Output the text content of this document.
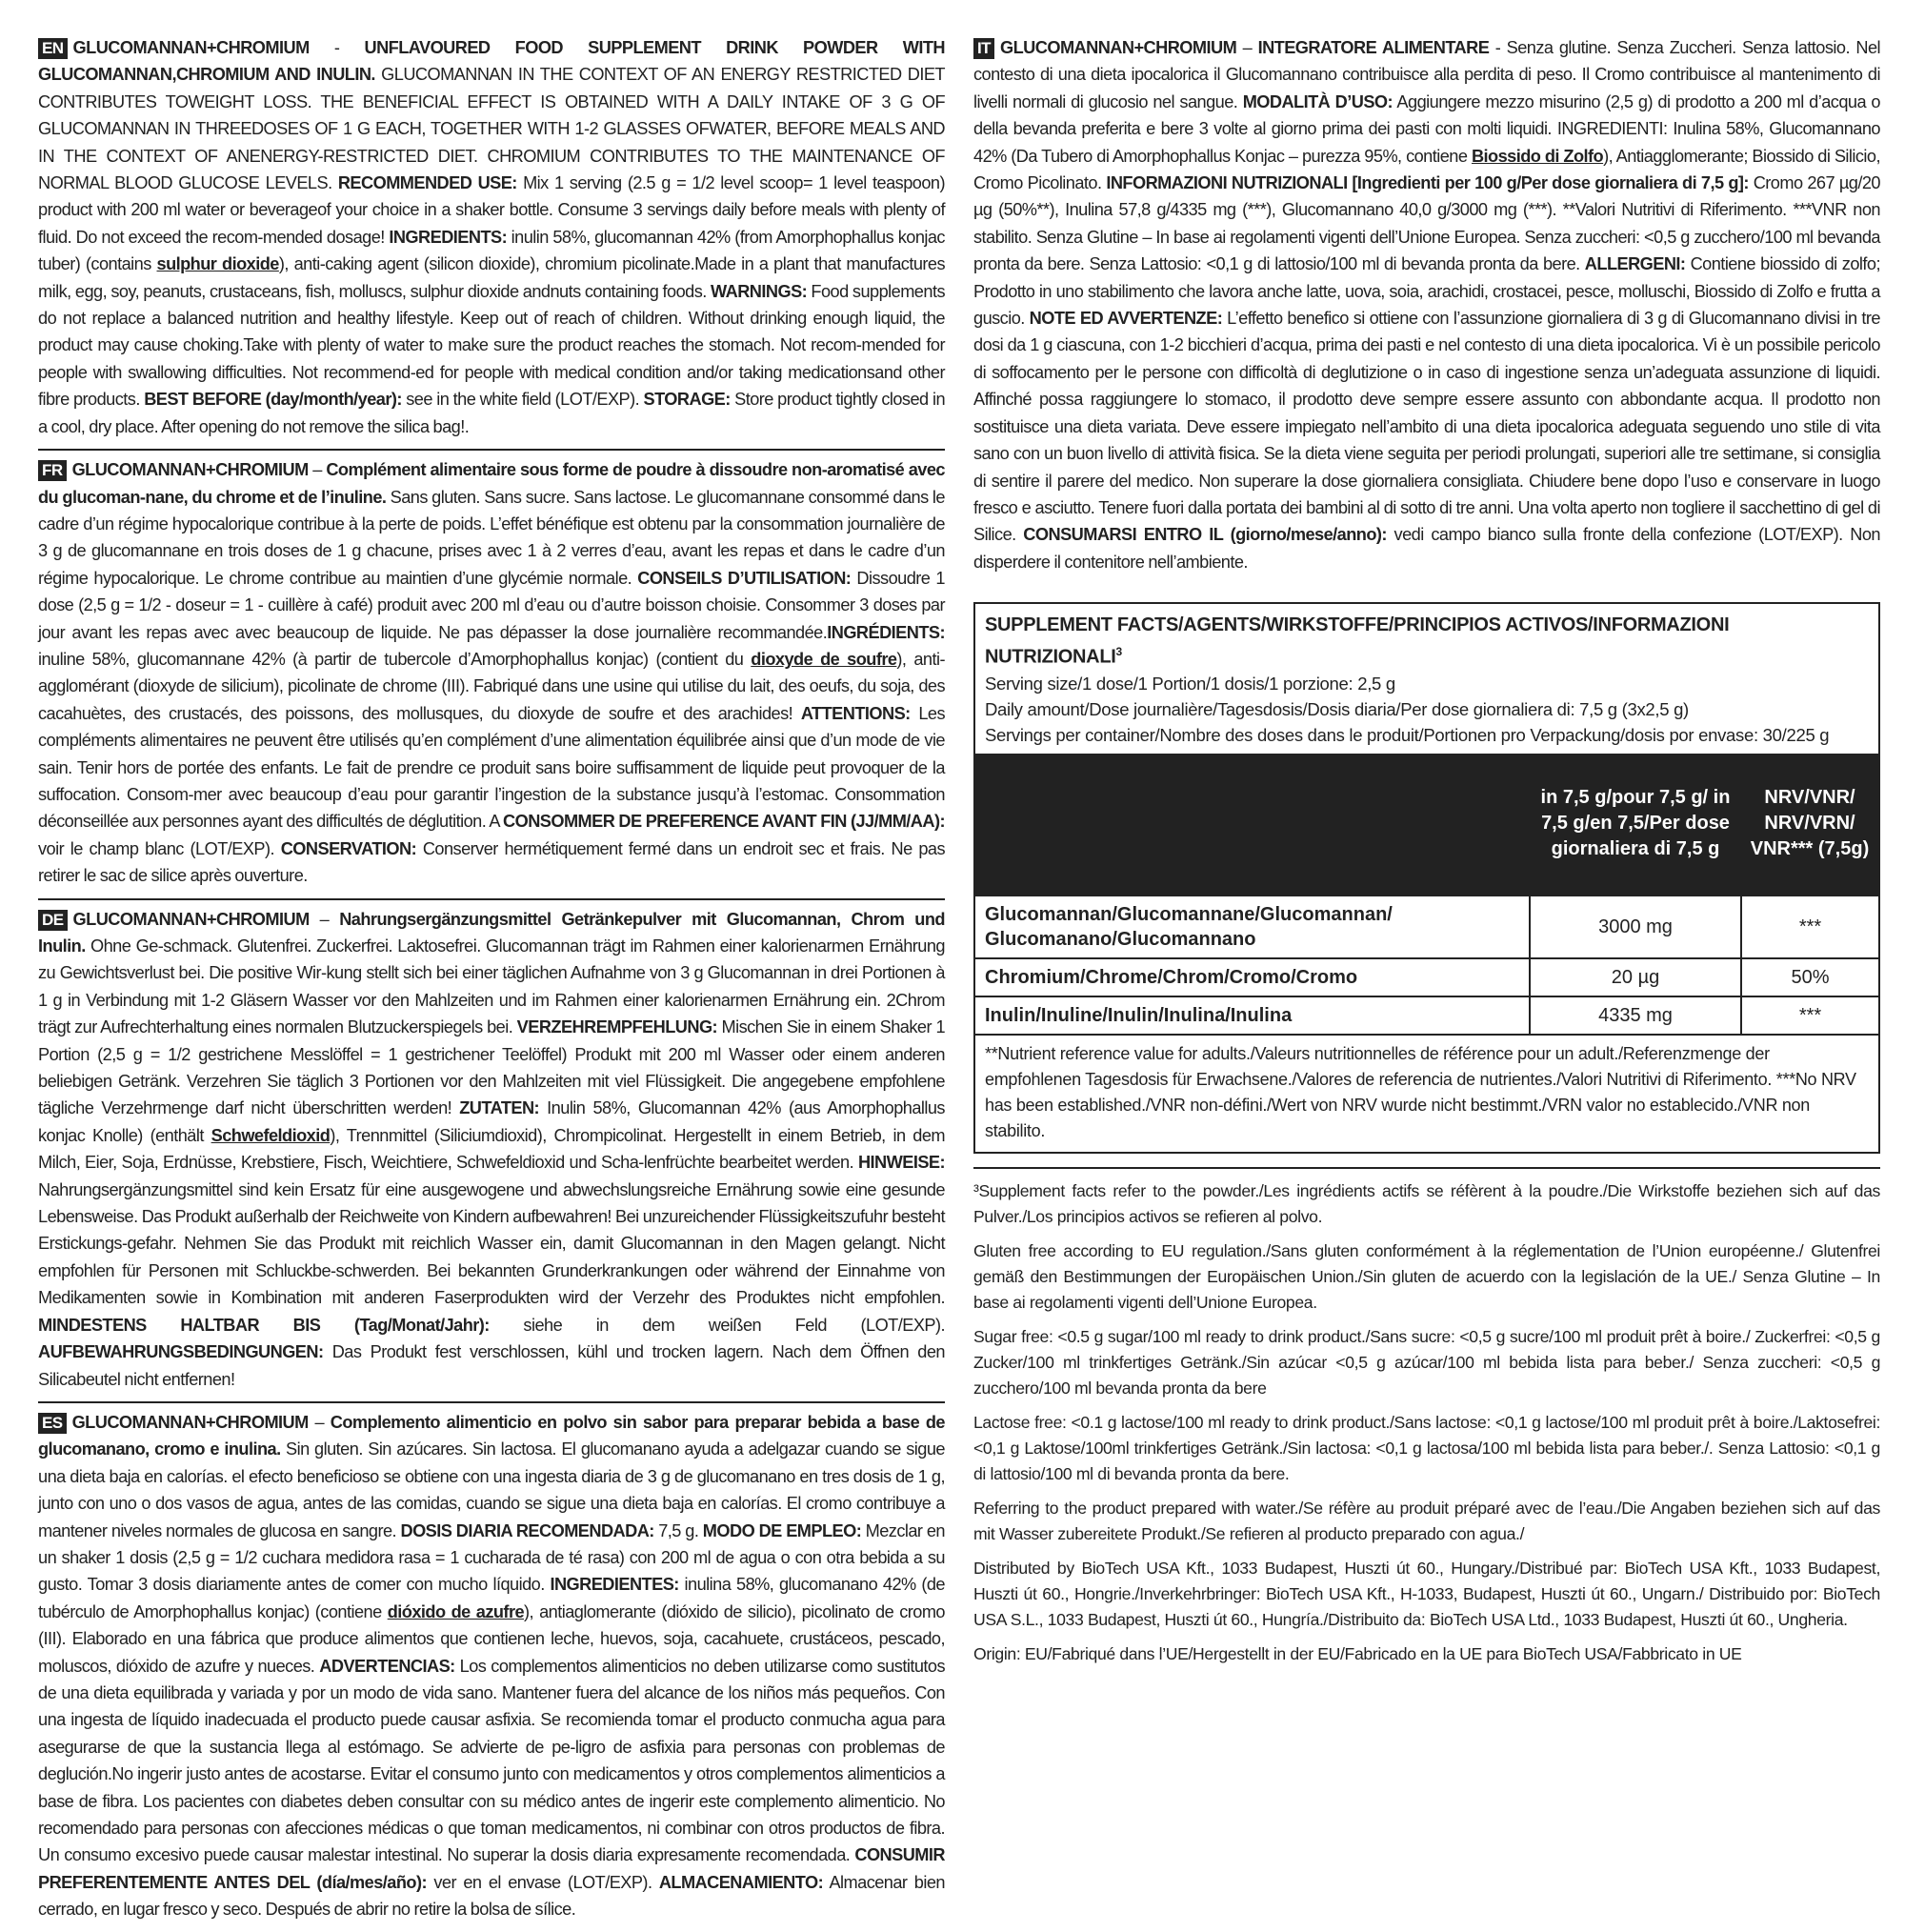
EN GLUCOMANNAN+CHROMIUM - UNFLAVOURED FOOD SUPPLEMENT DRINK POWDER WITH GLUCOMANNAN,CHROMIUM AND INULIN. GLUCOMANNAN IN THE CONTEXT OF AN ENERGY RESTRICTED DIET CONTRIBUTES TOWEIGHT LOSS. THE BENEFICIAL EFFECT IS OBTAINED WITH A DAILY INTAKE OF 3 G OF GLUCOMANNAN IN THREEDOSES OF 1 G EACH, TOGETHER WITH 1-2 GLASSES OFWATER, BEFORE MEALS AND IN THE CONTEXT OF ANENERGY-RESTRICTED DIET. CHROMIUM CONTRIBUTES TO THE MAINTENANCE OF NORMAL BLOOD GLUCOSE LEVELS. RECOMMENDED USE: Mix 1 serving (2.5 g = 1/2 level scoop= 1 level teaspoon) product with 200 ml water or beverageof your choice in a shaker bottle. Consume 3 servings daily before meals with plenty of fluid. Do not exceed the recom-mended dosage! INGREDIENTS: inulin 58%, glucomannan 42% (from Amorphophallus konjac tuber) (contains sulphur dioxide), anti-caking agent (silicon dioxide), chromium picolinate.Made in a plant that manufactures milk, egg, soy, peanuts, crustaceans, fish, molluscs, sulphur dioxide andnuts containing foods. WARNINGS: Food supplements do not replace a balanced nutrition and healthy lifestyle. Keep out of reach of children. Without drinking enough liquid, the product may cause choking.Take with plenty of water to make sure the product reaches the stomach. Not recom-mended for people with swallowing difficulties. Not recommend-ed for people with medical condition and/or taking medicationsand other fibre products. BEST BEFORE (day/month/year): see in the white field (LOT/EXP). STORAGE: Store product tightly closed in a cool, dry place. After opening do not remove the silica bag!.

FR GLUCOMANNAN+CHROMIUM – Complément alimentaire sous forme de poudre à dissoudre non-aromatisé avec du glucoman-nane, du chrome et de l’inuline. Sans gluten. Sans sucre. Sans lactose. Le glucomannane consommé dans le cadre d’un régime hypocalorique contribue à la perte de poids. L’effet bénéfique est obtenu par la consommation journalière de 3 g de glucomannane en trois doses de 1 g chacune, prises avec 1 à 2 verres d’eau, avant les repas et dans le cadre d’un régime hypocalorique. Le chrome contribue au maintien d’une glycémie normale. CONSEILS D’UTILISATION: Dissoudre 1 dose (2,5 g = 1/2 - doseur = 1 - cuillère à café) produit avec 200 ml d’eau ou d’autre boisson choisie. Consommer 3 doses par jour avant les repas avec avec beaucoup de liquide. Ne pas dépasser la dose journalière recommandée.INGRÉDIENTS: inuline 58%, glucomannane 42% (à partir de tubercole d’Amorphophallus konjac) (contient du dioxyde de soufre), anti-agglomérant (dioxyde de silicium), picolinate de chrome (III). Fabriqué dans une usine qui utilise du lait, des oeufs, du soja, des cacahuètes, des crustacés, des poissons, des mollusques, du dioxyde de soufre et des arachides! ATTENTIONS: Les compléments alimentaires ne peuvent être utilisés qu’en complément d’une alimentation équilibrée ainsi que d’un mode de vie sain. Tenir hors de portée des enfants. Le fait de prendre ce produit sans boire suffisamment de liquide peut provoquer de la suffocation. Consom-mer avec beaucoup d’eau pour garantir l’ingestion de la substance jusqu’à l’estomac. Consommation déconseillée aux personnes ayant des difficultés de déglutition. A CONSOMMER DE PREFERENCE AVANT FIN (JJ/MM/AA): voir le champ blanc (LOT/EXP). CONSERVATION: Conserver hermétiquement fermé dans un endroit sec et frais. Ne pas retirer le sac de silice après ouverture.

DE GLUCOMANNAN+CHROMIUM – Nahrungsergänzungsmittel Getränkepulver mit Glucomannan, Chrom und Inulin. Ohne Ge-schmack. Glutenfrei. Zuckerfrei. Laktosefrei. Glucomannan trägt im Rahmen einer kalorienarmen Ernährung zu Gewichtsverlust bei. Die positive Wir-kung stellt sich bei einer täglichen Aufnahme von 3 g Glucomannan in drei Portionen à 1 g in Verbindung mit 1-2 Gläsern Wasser vor den Mahlzeiten und im Rahmen einer kalorienarmen Ernährung ein. 2Chrom trägt zur Aufrechterhaltung eines normalen Blutzuckerspiegels bei. VERZEHREMPFEHLUNG: Mischen Sie in einem Shaker 1 Portion (2,5 g = 1/2 gestrichene Messlöffel = 1 gestrichener Teelöffel) Produkt mit 200 ml Wasser oder einem anderen beliebigen Getränk. Verzehren Sie täglich 3 Portionen vor den Mahlzeiten mit viel Flüssigkeit. Die angegebene empfohlene tägliche Verzehrmenge darf nicht überschritten werden! ZUTATEN: Inulin 58%, Glucomannan 42% (aus Amorphophallus konjac Knolle) (enthält Schwefeldioxid), Trennmittel (Siliciumdioxid), Chrompicolinat. Hergestellt in einem Betrieb, in dem Milch, Eier, Soja, Erdnüsse, Krebstiere, Fisch, Weichtiere, Schwefeldioxid und Scha-lenfrüchte bearbeitet werden. HINWEISE: Nahrungsergänzungsmittel sind kein Ersatz für eine ausgewogene und abwechslungsreiche Ernährung sowie eine gesunde Lebensweise. Das Produkt außerhalb der Reichweite von Kindern aufbewahren! Bei unzureichender Flüssigkeitszufuhr besteht Erstickungs-gefahr. Nehmen Sie das Produkt mit reichlich Wasser ein, damit Glucomannan in den Magen gelangt. Nicht empfohlen für Personen mit Schluckbe-schwerden. Bei bekannten Grunderkrankungen oder während der Einnahme von Medikamenten sowie in Kombination mit anderen Faserprodukten wird der Verzehr des Produktes nicht empfohlen. MINDESTENS HALTBAR BIS (Tag/Monat/Jahr): siehe in dem weißen Feld (LOT/EXP). AUFBEWAHRUNGSBEDINGUNGEN: Das Produkt fest verschlossen, kühl und trocken lagern. Nach dem Öffnen den Silicabeutel nicht entfernen!

ES GLUCOMANNAN+CHROMIUM – Complemento alimenticio en polvo sin sabor para preparar bebida a base de glucomanano, cromo e inulina. Sin gluten. Sin azúcares. Sin lactosa. El glucomanano ayuda a adelgazar cuando se sigue una dieta baja en calorías. el efecto beneficioso se obtiene con una ingesta diaria de 3 g de glucomanano en tres dosis de 1 g, junto con uno o dos vasos de agua, antes de las comidas, cuando se sigue una dieta baja en calorías. El cromo contribuye a mantener niveles normales de glucosa en sangre. DOSIS DIARIA RECOMENDADA: 7,5 g. MODO DE EMPLEO: Mezclar en un shaker 1 dosis (2,5 g = 1/2 cuchara medidora rasa = 1 cucharada de té rasa) con 200 ml de agua o con otra bebida a su gusto. Tomar 3 dosis diariamente antes de comer con mucho líquido. INGREDIENTES: inulina 58%, glucomanano 42% (de tubérculo de Amorphophallus konjac) (contiene dióxido de azufre), antiaglomerante (dióxido de silicio), picolinato de cromo (III). Elaborado en una fábrica que produce alimentos que contienen leche, huevos, soja, cacahuete, crustáceos, pescado, moluscos, dióxido de azufre y nueces. ADVERTENCIAS: Los complementos alimenticios no deben utilizarse como sustitutos de una dieta equilibrada y variada y por un modo de vida sano. Mantener fuera del alcance de los niños más pequeños. Con una ingesta de líquido inadecuada el producto puede causar asfixia. Se recomienda tomar el producto conmucha agua para asegurarse de que la sustancia llega al estómago. Se advierte de pe-ligro de asfixia para personas con problemas de deglución.No ingerir justo antes de acostarse. Evitar el consumo junto con medicamentos y otros complementos alimenticios a base de fibra. Los pacientes con diabetes deben consultar con su médico antes de ingerir este complemento alimenticio. No recomendado para personas con afecciones médicas o que toman medicamentos, ni combinar con otros productos de fibra. Un consumo excesivo puede causar malestar intestinal. No superar la dosis diaria expresamente recomendada. CONSUMIR PREFERENTEMENTE ANTES DEL (día/mes/año): ver en el envase (LOT/EXP). ALMACENAMIENTO: Almacenar bien cerrado, en lugar fresco y seco. Después de abrir no retire la bolsa de sílice.

IT GLUCOMANNAN+CHROMIUM – INTEGRATORE ALIMENTARE - Senza glutine. Senza Zuccheri. Senza lattosio. Nel contesto di una dieta ipocalorica il Glucomannano contribuisce alla perdita di peso. Il Cromo contribuisce al mantenimento di livelli normali di glucosio nel sangue. MODALITÀ D’USO: Aggiungere mezzo misurino (2,5 g) di prodotto a 200 ml d’acqua o della bevanda preferita e bere 3 volte al giorno prima dei pasti con molti liquidi. INGREDIENTI: Inulina 58%, Glucomannano 42% (Da Tubero di Amorphophallus Konjac – purezza 95%, contiene Biossido di Zolfo), Antiagglomerante; Biossido di Silicio, Cromo Picolinato. INFORMAZIONI NUTRIZIONALI [Ingredienti per 100 g/Per dose giornaliera di 7,5 g]: Cromo 267 µg/20 µg (50%**), Inulina 57,8 g/4335 mg (***), Glucomannano 40,0 g/3000 mg (***). **Valori Nutritivi di Riferimento. ***VNR non stabilito. Senza Glutine – In base ai regolamenti vigenti dell’Unione Europea. Senza zuccheri: <0,5 g zucchero/100 ml bevanda pronta da bere. Senza Lattosio: <0,1 g di lattosio/100 ml di bevanda pronta da bere. ALLERGENI: Contiene biossido di zolfo; Prodotto in uno stabilimento che lavora anche latte, uova, soia, arachidi, crostacei, pesce, molluschi, Biossido di Zolfo e frutta a guscio. NOTE ED AVVERTENZE: L’effetto benefico si ottiene con l’assunzione giornaliera di 3 g di Glucomannano divisi in tre dosi da 1 g ciascuna, con 1-2 bicchieri d’acqua, prima dei pasti e nel contesto di una dieta ipocalorica. Vi è un possibile pericolo di soffocamento per le persone con difficoltà di deglutizione o in caso di ingestione senza un’adeguata assunzione di liquidi. Affinché possa raggiungere lo stomaco, il prodotto deve sempre essere assunto con abbondante acqua. Il prodotto non sostituisce una dieta variata. Deve essere impiegato nell’ambito di una dieta ipocalorica adeguata seguendo uno stile di vita sano con un buon livello di attività fisica. Se la dieta viene seguita per periodi prolungati, superiori alle tre settimane, si consiglia di sentire il parere del medico. Non superare la dose giornaliera consigliata. Chiudere bene dopo l’uso e conservare in luogo fresco e asciutto. Tenere fuori dalla portata dei bambini al di sotto di tre anni. Una volta aperto non togliere il sacchettino di gel di Silice. CONSUMARSI ENTRO IL (giorno/mese/anno): vedi campo bianco sulla fronte della confezione (LOT/EXP). Non disperdere il contenitore nell’ambiente.

SUPPLEMENT FACTS/AGENTS/WIRKSTOFFE/PRINCIPIOS ACTIVOS/INFORMAZIONI NUTRIZIONALI$^3$
Serving size/1 dose/1 Portion/1 dosis/1 porzione: 2,5 g
Daily amount/Dose journalière/Tagesdosis/Dosis diaria/Per dose giornaliera di: 7,5 g (3x2,5 g)
Servings per container/Nombre des doses dans le produit/Portionen pro Verpackung/dosis por envase: 30/225 g
	in 7,5 g/pour 7,5 g/ in 7,5 g/en 7,5/Per dose giornaliera di 7,5 g	NRV/VNR/ NRV/VRN/ VNR*** (7,5g)
Glucomannan/Glucomannane/Glucomannan/ Glucomanano/Glucomannano	3000 mg	***
Chromium/Chrome/Chrom/Cromo/Cromo	20 µg	50%
Inulin/Inuline/Inulin/Inulina/Inulina	4335 mg	***
**Nutrient reference value for adults./Valeurs nutritionnelles de référence pour un adult./Referenzmenge der empfohlenen Tagesdosis für Erwachsene./Valores de referencia de nutrientes./Valori Nutritivi di Riferimento. ***No NRV has been established./VNR non-défini./Wert von NRV wurde nicht bestimmt./VRN valor no establecido./VNR non stabilito.

³Supplement facts refer to the powder./Les ingrédients actifs se réfèrent à la poudre./Die Wirkstoffe beziehen sich auf das Pulver./Los principios activos se refieren al polvo.

Gluten free according to EU regulation./Sans gluten conformément à la réglementation de l’Union européenne./ Glutenfrei gemäß den Bestimmungen der Europäischen Union./Sin gluten de acuerdo con la legislación de la UE./ Senza Glutine – In base ai regolamenti vigenti dell’Unione Europea.

Sugar free: <0.5 g sugar/100 ml ready to drink product./Sans sucre: <0,5 g sucre/100 ml produit prêt à boire./ Zuckerfrei: <0,5 g Zucker/100 ml trinkfertiges Getränk./Sin azúcar <0,5 g azúcar/100 ml bebida lista para beber./ Senza zuccheri: <0,5 g zucchero/100 ml bevanda pronta da bere

Lactose free: <0.1 g lactose/100 ml ready to drink product./Sans lactose: <0,1 g lactose/100 ml produit prêt à boire./Laktosefrei: <0,1 g Laktose/100ml trinkfertiges Getränk./Sin lactosa: <0,1 g lactosa/100 ml bebida lista para beber./. Senza Lattosio: <0,1 g di lattosio/100 ml di bevanda pronta da bere.

Referring to the product prepared with water./Se réfère au produit préparé avec de l’eau./Die Angaben beziehen sich auf das mit Wasser zubereitete Produkt./Se refieren al producto preparado con agua./

Distributed by BioTech USA Kft., 1033 Budapest, Huszti út 60., Hungary./Distribué par: BioTech USA Kft., 1033 Budapest, Huszti út 60., Hongrie./Inverkehrbringer: BioTech USA Kft., H-1033, Budapest, Huszti út 60., Ungarn./ Distribuido por: BioTech USA S.L., 1033 Budapest, Huszti út 60., Hungría./Distribuito da: BioTech USA Ltd., 1033 Budapest, Huszti út 60., Ungheria.

Origin: EU/Fabriqué dans l’UE/Hergestellt in der EU/Fabricado en la UE para BioTech USA/Fabbricato in UE
